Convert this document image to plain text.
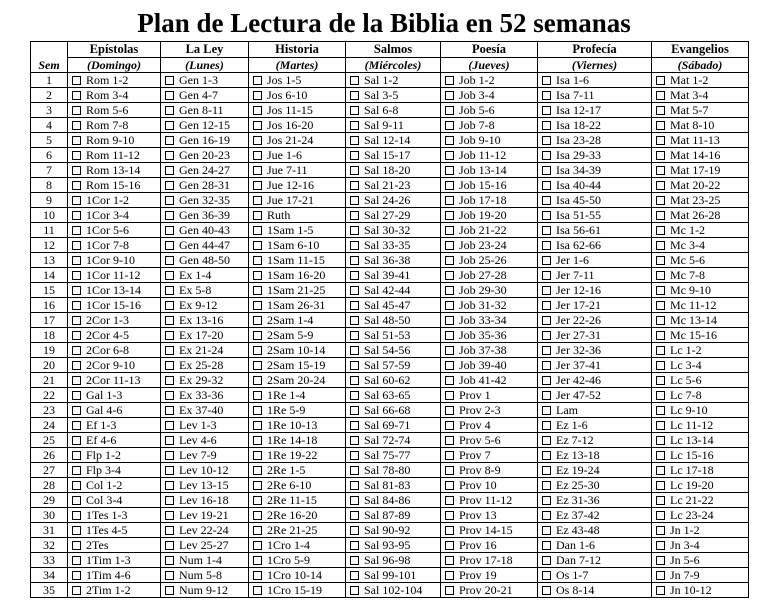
Plan de Lectura de la Biblia en 52 semanas
	Epístolas	La Ley	Historia	Salmos	Poesía	Profecía	Evangelios
Sem	(Domingo)	(Lunes)	(Martes)	(Miércoles)	(Jueves)	(Viernes)	(Sábado)
1	Rom 1-2	Gen 1-3	Jos 1-5	Sal 1-2	Job 1-2	Isa 1-6	Mat 1-2
2	Rom 3-4	Gen 4-7	Jos 6-10	Sal 3-5	Job 3-4	Isa 7-11	Mat 3-4
3	Rom 5-6	Gen 8-11	Jos 11-15	Sal 6-8	Job 5-6	Isa 12-17	Mat 5-7
4	Rom 7-8	Gen 12-15	Jos 16-20	Sal 9-11	Job 7-8	Isa 18-22	Mat 8-10
5	Rom 9-10	Gen 16-19	Jos 21-24	Sal 12-14	Job 9-10	Isa 23-28	Mat 11-13
6	Rom 11-12	Gen 20-23	Jue 1-6	Sal 15-17	Job 11-12	Isa 29-33	Mat 14-16
7	Rom 13-14	Gen 24-27	Jue 7-11	Sal 18-20	Job 13-14	Isa 34-39	Mat 17-19
8	Rom 15-16	Gen 28-31	Jue 12-16	Sal 21-23	Job 15-16	Isa 40-44	Mat 20-22
9	1Cor 1-2	Gen 32-35	Jue 17-21	Sal 24-26	Job 17-18	Isa 45-50	Mat 23-25
10	1Cor 3-4	Gen 36-39	Ruth	Sal 27-29	Job 19-20	Isa 51-55	Mat 26-28
11	1Cor 5-6	Gen 40-43	1Sam 1-5	Sal 30-32	Job 21-22	Isa 56-61	Mc 1-2
12	1Cor 7-8	Gen 44-47	1Sam 6-10	Sal 33-35	Job 23-24	Isa 62-66	Mc 3-4
13	1Cor 9-10	Gen 48-50	1Sam 11-15	Sal 36-38	Job 25-26	Jer 1-6	Mc 5-6
14	1Cor 11-12	Ex 1-4	1Sam 16-20	Sal 39-41	Job 27-28	Jer 7-11	Mc 7-8
15	1Cor 13-14	Ex 5-8	1Sam 21-25	Sal 42-44	Job 29-30	Jer 12-16	Mc 9-10
16	1Cor 15-16	Ex 9-12	1Sam 26-31	Sal 45-47	Job 31-32	Jer 17-21	Mc 11-12
17	2Cor 1-3	Ex 13-16	2Sam 1-4	Sal 48-50	Job 33-34	Jer 22-26	Mc 13-14
18	2Cor 4-5	Ex 17-20	2Sam 5-9	Sal 51-53	Job 35-36	Jer 27-31	Mc 15-16
19	2Cor 6-8	Ex 21-24	2Sam 10-14	Sal 54-56	Job 37-38	Jer 32-36	Lc 1-2
20	2Cor 9-10	Ex 25-28	2Sam 15-19	Sal 57-59	Job 39-40	Jer 37-41	Lc 3-4
21	2Cor 11-13	Ex 29-32	2Sam 20-24	Sal 60-62	Job 41-42	Jer 42-46	Lc 5-6
22	Gal 1-3	Ex 33-36	1Re 1-4	Sal 63-65	Prov 1	Jer 47-52	Lc 7-8
23	Gal 4-6	Ex 37-40	1Re 5-9	Sal 66-68	Prov 2-3	Lam	Lc 9-10
24	Ef 1-3	Lev 1-3	1Re 10-13	Sal 69-71	Prov 4	Ez 1-6	Lc 11-12
25	Ef 4-6	Lev 4-6	1Re 14-18	Sal 72-74	Prov 5-6	Ez 7-12	Lc 13-14
26	Flp 1-2	Lev 7-9	1Re 19-22	Sal 75-77	Prov 7	Ez 13-18	Lc 15-16
27	Flp 3-4	Lev 10-12	2Re 1-5	Sal 78-80	Prov 8-9	Ez 19-24	Lc 17-18
28	Col 1-2	Lev 13-15	2Re 6-10	Sal 81-83	Prov 10	Ez 25-30	Lc 19-20
29	Col 3-4	Lev 16-18	2Re 11-15	Sal 84-86	Prov 11-12	Ez 31-36	Lc 21-22
30	1Tes 1-3	Lev 19-21	2Re 16-20	Sal 87-89	Prov 13	Ez 37-42	Lc 23-24
31	1Tes 4-5	Lev 22-24	2Re 21-25	Sal 90-92	Prov 14-15	Ez 43-48	Jn 1-2
32	2Tes	Lev 25-27	1Cro 1-4	Sal 93-95	Prov 16	Dan 1-6	Jn 3-4
33	1Tim 1-3	Num 1-4	1Cro 5-9	Sal 96-98	Prov 17-18	Dan 7-12	Jn 5-6
34	1Tim 4-6	Num 5-8	1Cro 10-14	Sal 99-101	Prov 19	Os 1-7	Jn 7-9
35	2Tim 1-2	Num 9-12	1Cro 15-19	Sal 102-104	Prov 20-21	Os 8-14	Jn 10-12
